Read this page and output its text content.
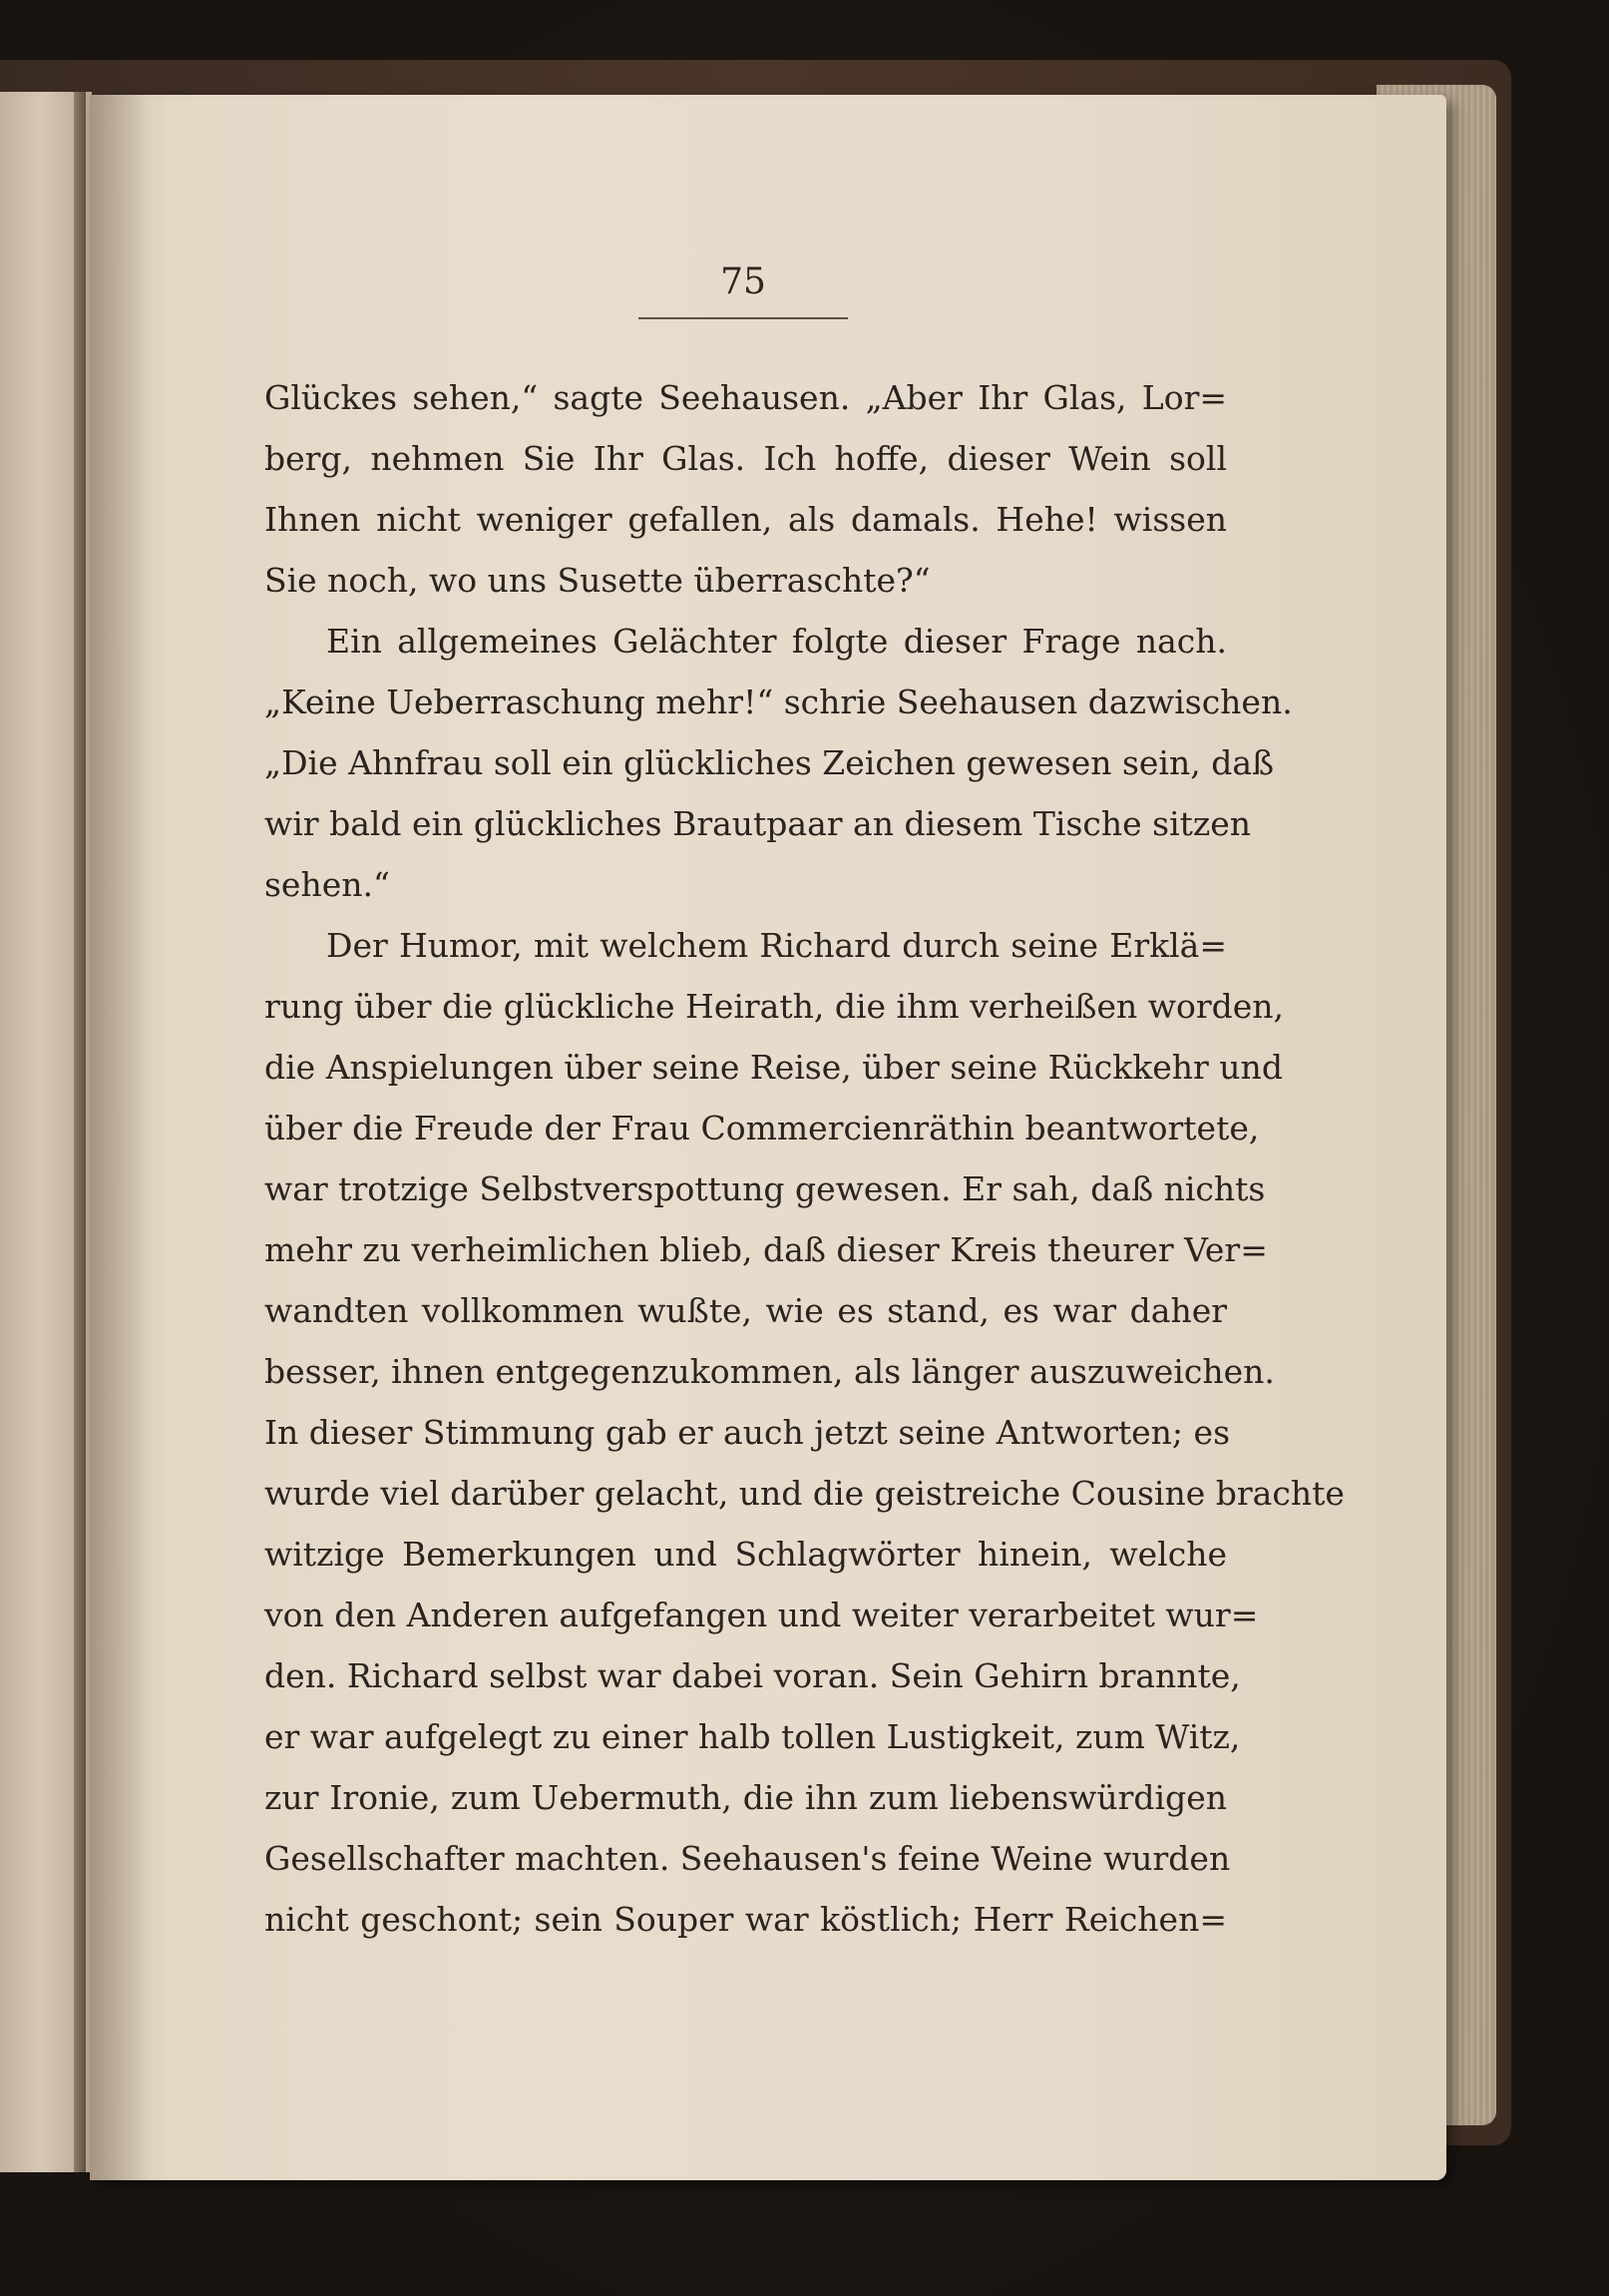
75
Glückes sehen,“ sagte Seehausen. „Aber Ihr Glas, Lor=
berg, nehmen Sie Ihr Glas. Ich hoffe, dieser Wein soll
Ihnen nicht weniger gefallen, als damals. Hehe! wissen
Sie noch, wo uns Susette überraschte?“
Ein allgemeines Gelächter folgte dieser Frage nach.
„Keine Ueberraschung mehr!“ schrie Seehausen dazwischen.
„Die Ahnfrau soll ein glückliches Zeichen gewesen sein, daß
wir bald ein glückliches Brautpaar an diesem Tische sitzen
sehen.“
Der Humor, mit welchem Richard durch seine Erklä=
rung über die glückliche Heirath, die ihm verheißen worden,
die Anspielungen über seine Reise, über seine Rückkehr und
über die Freude der Frau Commercienräthin beantwortete,
war trotzige Selbstverspottung gewesen. Er sah, daß nichts
mehr zu verheimlichen blieb, daß dieser Kreis theurer Ver=
wandten vollkommen wußte, wie es stand, es war daher
besser, ihnen entgegenzukommen, als länger auszuweichen.
In dieser Stimmung gab er auch jetzt seine Antworten; es
wurde viel darüber gelacht, und die geistreiche Cousine brachte
witzige Bemerkungen und Schlagwörter hinein, welche
von den Anderen aufgefangen und weiter verarbeitet wur=
den. Richard selbst war dabei voran. Sein Gehirn brannte,
er war aufgelegt zu einer halb tollen Lustigkeit, zum Witz,
zur Ironie, zum Uebermuth, die ihn zum liebenswürdigen
Gesellschafter machten. Seehausen's feine Weine wurden
nicht geschont; sein Souper war köstlich; Herr Reichen=
